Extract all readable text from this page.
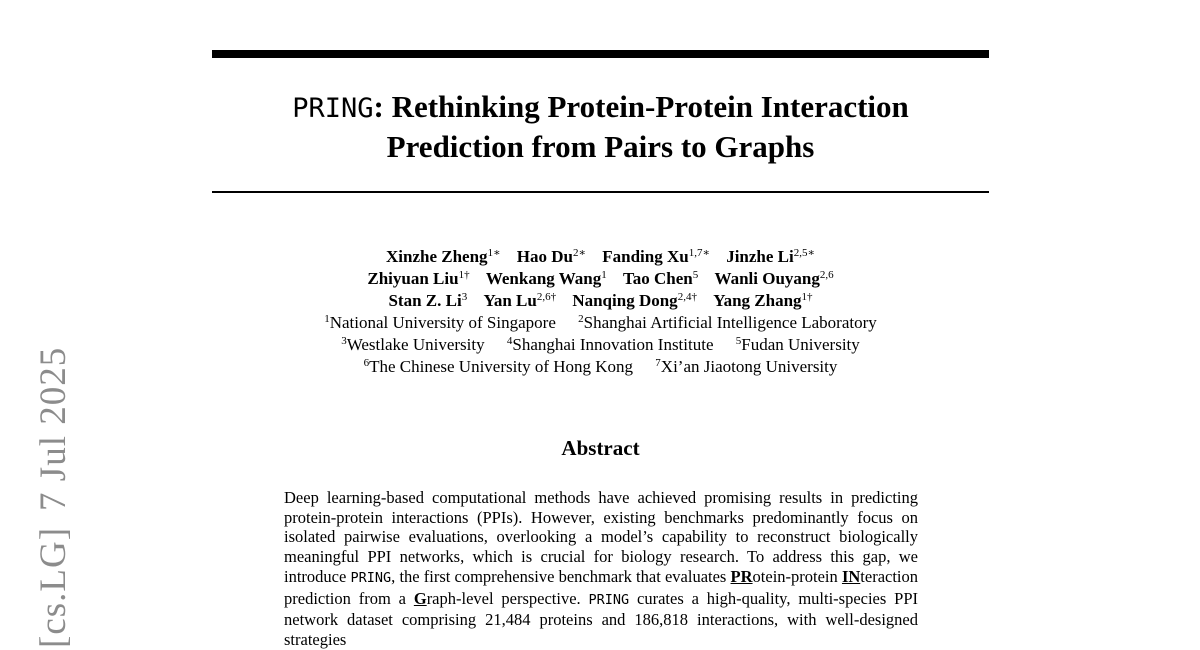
[cs.LG]7 Jul 2025
PRING: Rethinking Protein-Protein Interaction
Prediction from Pairs to Graphs
Xinzhe Zheng$^{1∗}$ Hao $Du^{2∗}$ Fanding $Xu^{1,7∗}$ Jinzhe $Li^{2,5∗}$
Zhiyuan Liu$^{1\dagger}$ Wenkang Wang$^1$ Tao Chen$^5$ Wanli Ouyang$^{2,6}$
Stan Z. Li$^3$ Yan $Lu^{2,6\dagger}$ Nanqing Dong$^{2,4\dagger}$ Yang Zhang$^{1\dagger}$
$^1$National University of Singapore $^2$Shanghai Artificial Intelligence Laboratory
$^3$Westlake University $^4$Shanghai Innovation Institute $^5$Fudan University
$^6$The Chinese University of Hong Kong $^7$Xi’an Jiaotong University
Abstract
Deep learning-based computational methods have achieved promising results in predicting protein-protein interactions (PPIs). However, existing benchmarks predominantly focus on isolated pairwise evaluations, overlooking a model’s capability to reconstruct biologically meaningful PPI networks, which is crucial for biology research. To address this gap, we introduce PRING, the first comprehensive benchmark that evaluates PRotein-protein INteraction prediction from a Graph-level perspective. PRING curates a high-quality, multi-species PPI network dataset comprising 21,484 proteins and 186,818 interactions, with well-designed strategies
